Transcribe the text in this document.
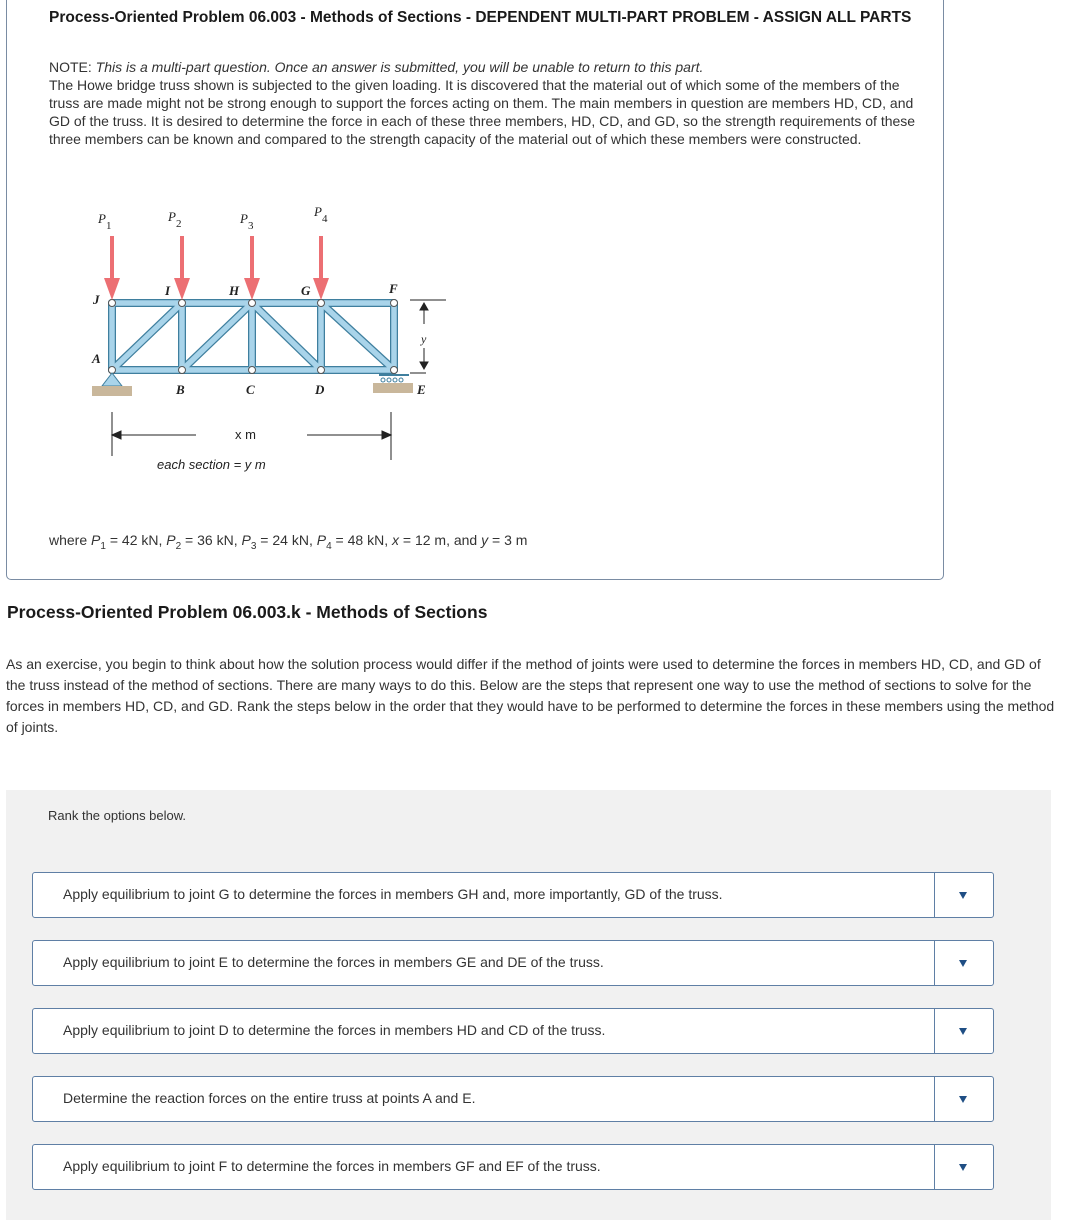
Process-Oriented Problem 06.003 - Methods of Sections - DEPENDENT MULTI-PART PROBLEM - ASSIGN ALL PARTS
NOTE: This is a multi-part question. Once an answer is submitted, you will be unable to return to this part.
The Howe bridge truss shown is subjected to the given loading. It is discovered that the material out of which some of the members of the truss are made might not be strong enough to support the forces acting on them. The main members in question are members HD, CD, and GD of the truss. It is desired to determine the force in each of these three members, HD, CD, and GD, so the strength requirements of these three members can be known and compared to the strength capacity of the material out of which these members were constructed.
$P_1$
$P_2$	$P_3$
$P_4$
J
I	H	G	F
A
B	C	D	E
y
x m
each section = y m
where $P_1 = 42$ kN, $P_2 = 36$ kN, $P_3 = 24$ kN, $P_4 = 48$ kN, x = 12 m, and y = 3 m
Process-Oriented Problem 06.003.k - Methods of Sections
As an exercise, you begin to think about how the solution process would differ if the method of joints were used to determine the forces in members HD, CD, and GD of the truss instead of the method of sections. There are many ways to do this. Below are the steps that represent one way to use the method of sections to solve for the forces in members HD, CD, and GD. Rank the steps below in the order that they would have to be performed to determine the forces in these members using the method of joints.
Rank the options below.
Apply equilibrium to joint G to determine the forces in members GH and, more importantly, GD of the truss.
Apply equilibrium to joint E to determine the forces in members GE and DE of the truss.
Apply equilibrium to joint D to determine the forces in members HD and CD of the truss.
Determine the reaction forces on the entire truss at points A and E.
Apply equilibrium to joint F to determine the forces in members GF and EF of the truss.
